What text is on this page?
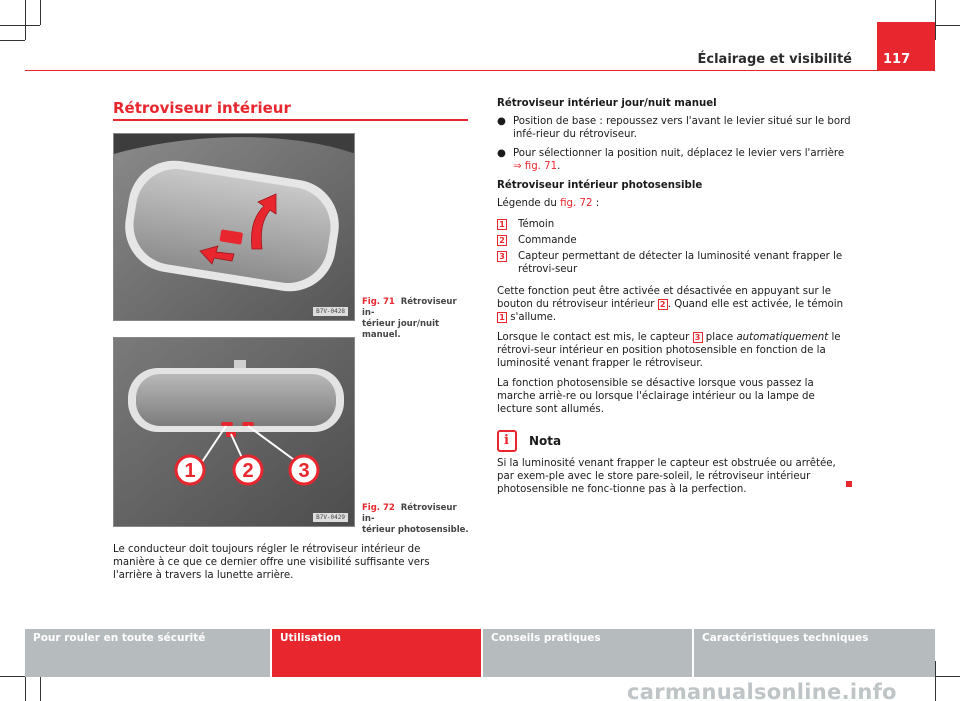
Éclairage et visibilité	117
Rétroviseur intérieur
B7V-0428
Fig. 71 Rétroviseur in-
térieur jour/nuit manuel.
1 2 3
B7V-0429
Fig. 72 Rétroviseur in-
térieur photosensible.
Le conducteur doit toujours régler le rétroviseur intérieur de manière à ce que ce dernier offre une visibilité suffisante vers l'arrière à travers la lunette arrière.

Rétroviseur intérieur jour/nuit manuel

● Position de base : repoussez vers l'avant le levier situé sur le bord infé-rieur du rétroviseur.
● Pour sélectionner la position nuit, déplacez le levier vers l'arrière
⇒ fig. 71.

Rétroviseur intérieur photosensible

Légende du fig. 72 :

1 Témoin
2 Commande
3 Capteur permettant de détecter la luminosité venant frapper le rétrovi-seur

Cette fonction peut être activée et désactivée en appuyant sur le bouton du rétroviseur intérieur 2 . Quand elle est activée, le témoin 1 s'allume.

Lorsque le contact est mis, le capteur 3 place automatiquement le rétrovi-seur intérieur en position photosensible en fonction de la luminosité venant frapper le rétroviseur.

La fonction photosensible se désactive lorsque vous passez la marche arriè-re ou lorsque l'éclairage intérieur ou la lampe de lecture sont allumés.

i Nota

Si la luminosité venant frapper le capteur est obstruée ou arrêtée, par exem-ple avec le store pare-soleil, le rétroviseur intérieur photosensible ne fonc-tionne pas à la perfection.

Pour rouler en toute sécurité	Utilisation	Conseils pratiques	Caractéristiques techniques
carmanualsonline.info
